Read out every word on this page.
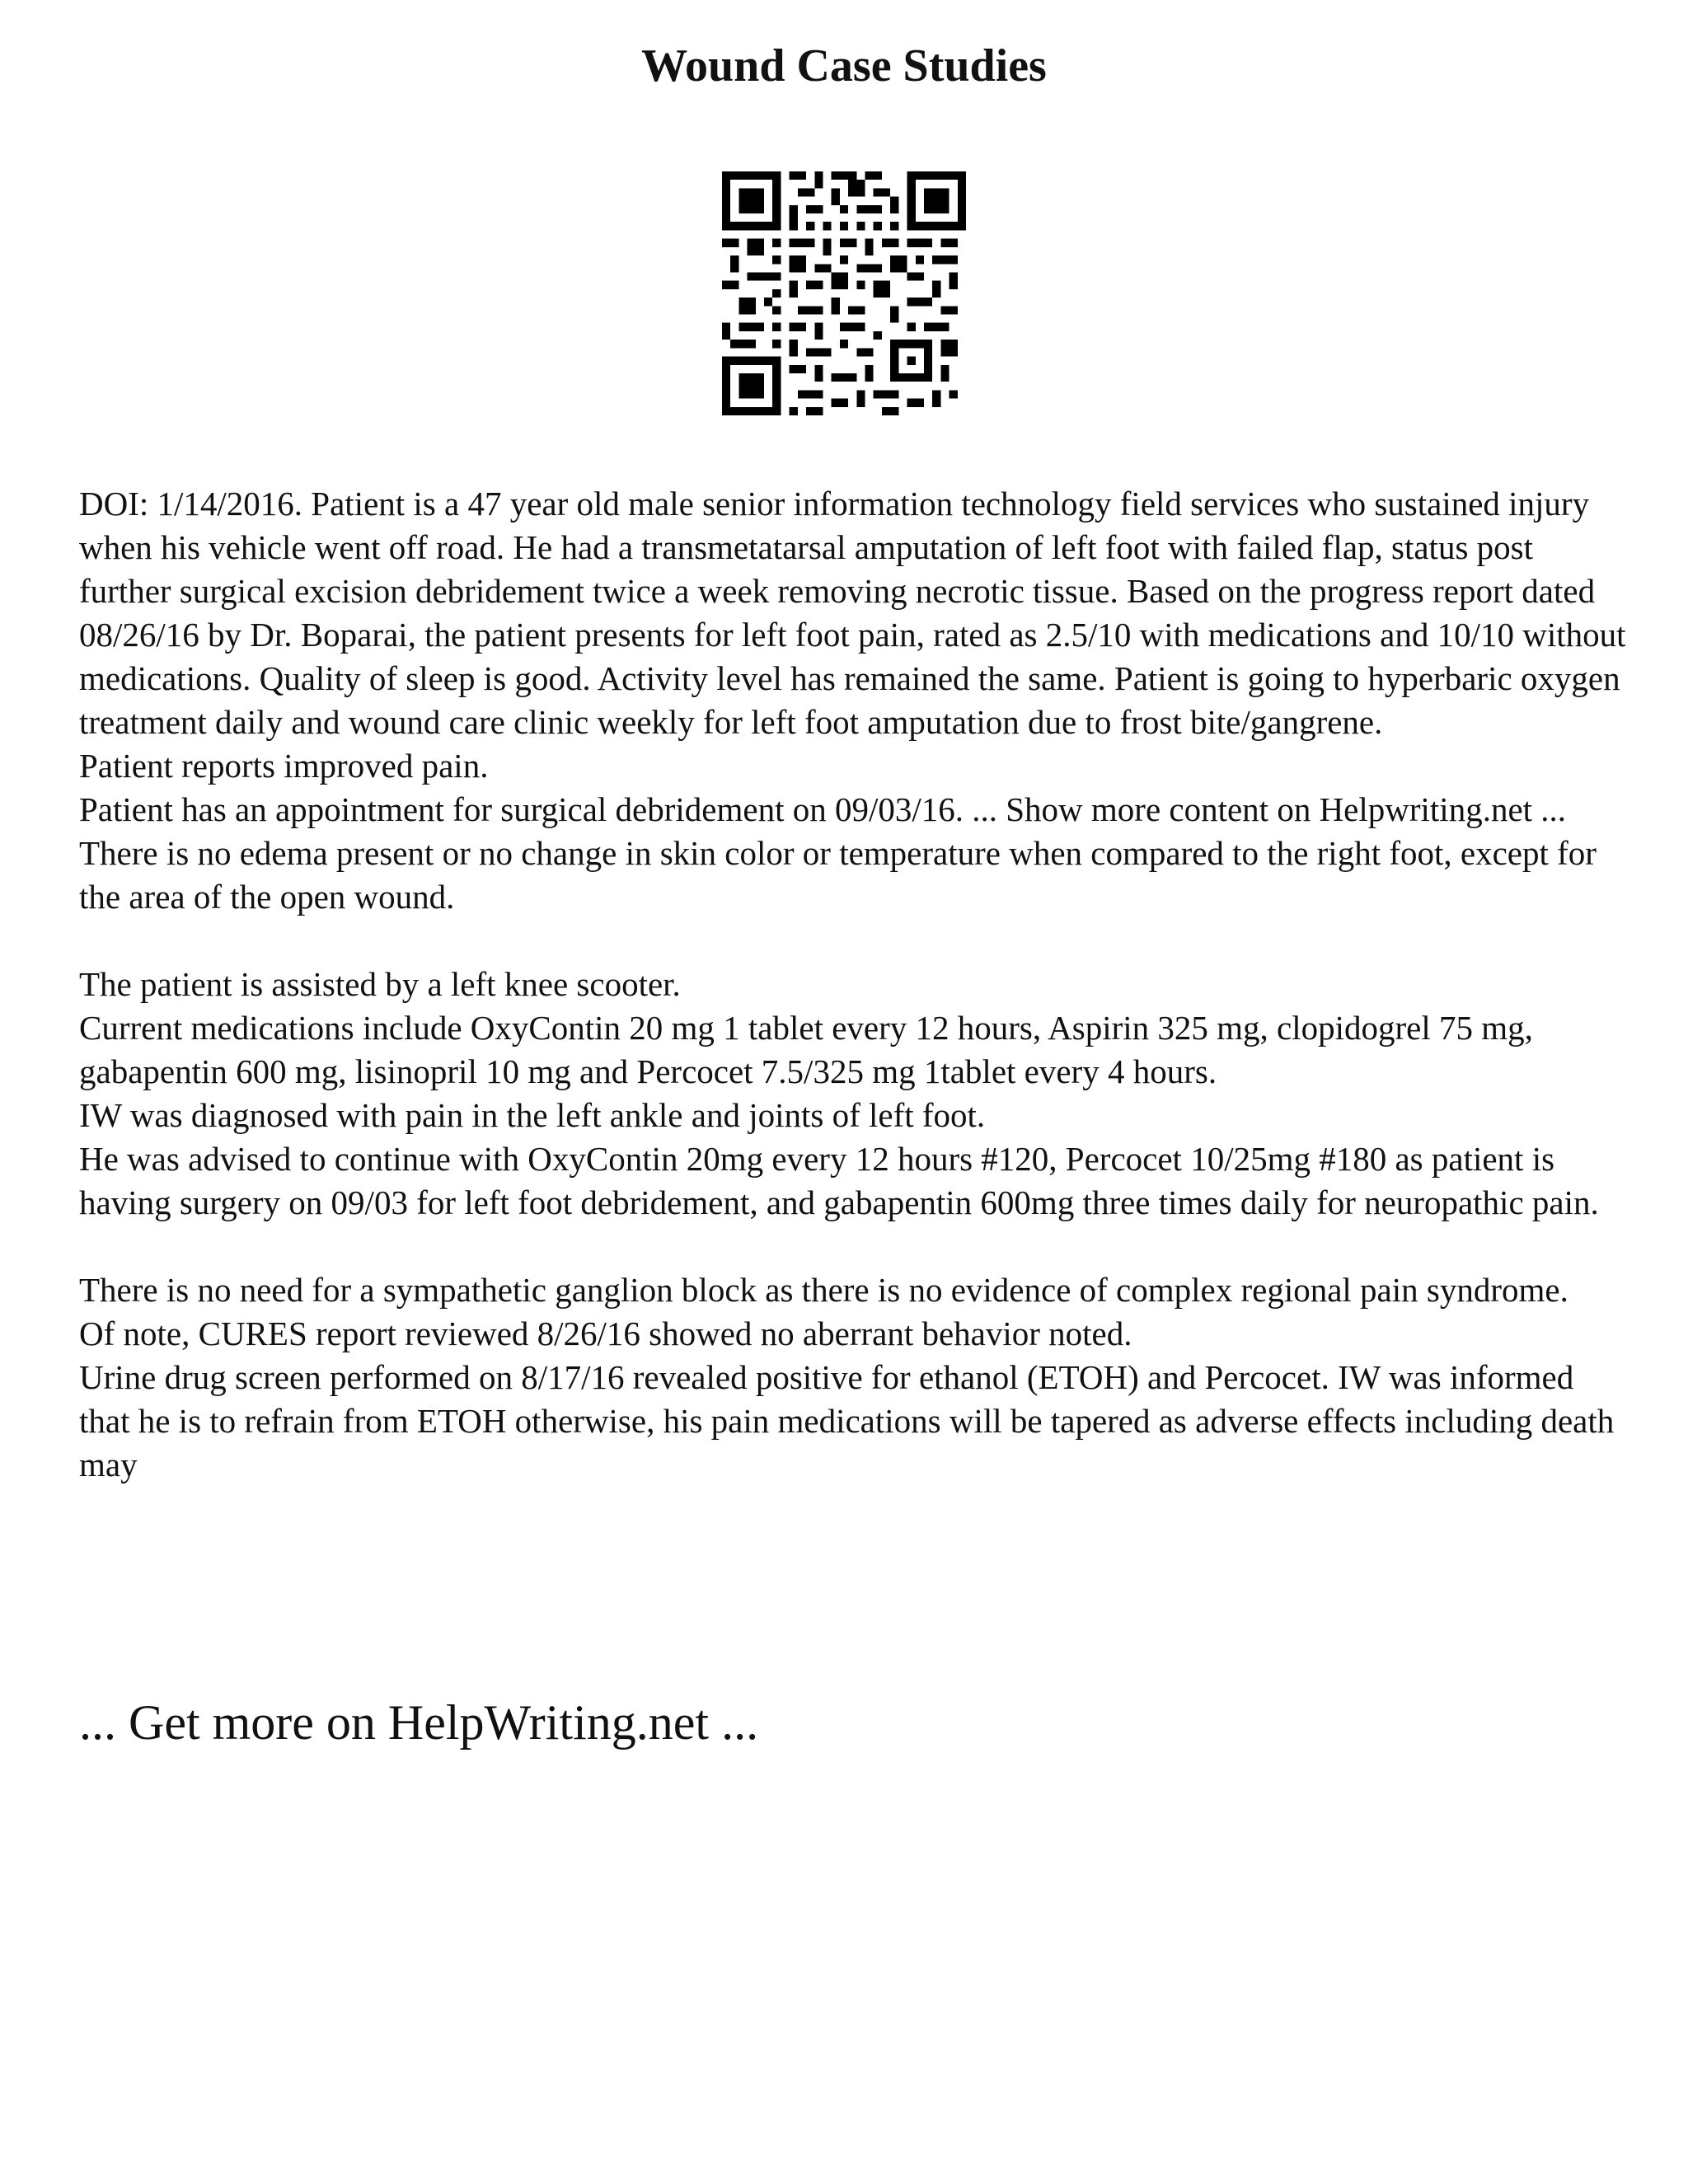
Wound Case Studies

DOI: 1/14/2016. Patient is a 47 year old male senior information technology field services who sustained injury when his vehicle went off road. He had a transmetatarsal amputation of left foot with failed flap, status post further surgical excision debridement twice a week removing necrotic tissue. Based on the progress report dated 08/26/16 by Dr. Boparai, the patient presents for left foot pain, rated as 2.5/10 with medications and 10/10 without medications. Quality of sleep is good. Activity level has remained the same. Patient is going to hyperbaric oxygen treatment daily and wound care clinic weekly for left foot amputation due to frost bite/gangrene.

Patient reports improved pain.

Patient has an appointment for surgical debridement on 09/03/16. ... Show more content on Helpwriting.net ...

There is no edema present or no change in skin color or temperature when compared to the right foot, except for the area of the open wound.

The patient is assisted by a left knee scooter.

Current medications include OxyContin 20 mg 1 tablet every 12 hours, Aspirin 325 mg, clopidogrel 75 mg, gabapentin 600 mg, lisinopril 10 mg and Percocet 7.5/325 mg 1tablet every 4 hours.

IW was diagnosed with pain in the left ankle and joints of left foot.

He was advised to continue with OxyContin 20mg every 12 hours #120, Percocet 10/25mg #180 as patient is having surgery on 09/03 for left foot debridement, and gabapentin 600mg three times daily for neuropathic pain.

There is no need for a sympathetic ganglion block as there is no evidence of complex regional pain syndrome.

Of note, CURES report reviewed 8/26/16 showed no aberrant behavior noted.

Urine drug screen performed on 8/17/16 revealed positive for ethanol (ETOH) and Percocet. IW was informed that he is to refrain from ETOH otherwise, his pain medications will be tapered as adverse effects including death may

... Get more on HelpWriting.net ...
